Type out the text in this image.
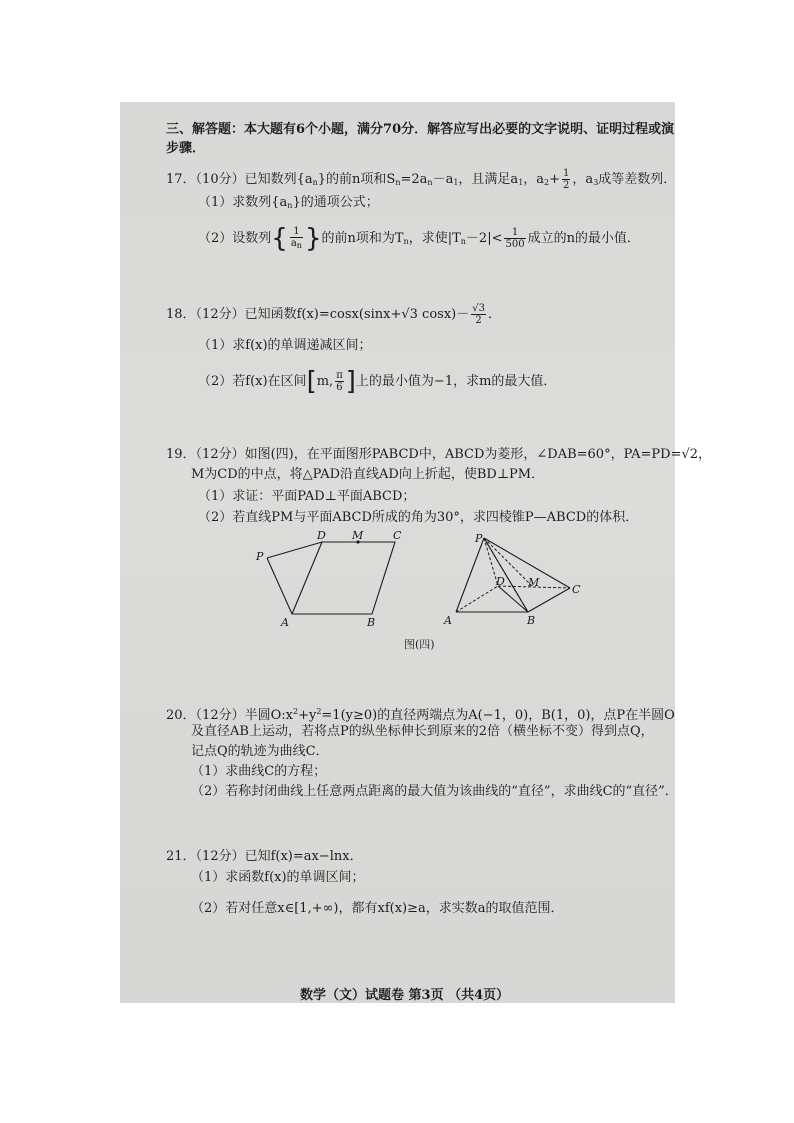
三、解答题：本大题有6个小题，满分70分．解答应写出必要的文字说明、证明过程或演
步骤．
17．（10分）已知数列{an}的前n项和Sn=2an－a1，且满足a1，$a2+ \frac{1}{2}$ ，a3成等差数列．
（1）求数列{an}的通项公式；
（2）设数列{ $\frac{1}{a_n}$ }的前n项和为Tn，求使$|Tn-2|< \frac{1}{500}$ 成立的n的最小值．
18．（12分）已知函数f(x)=cosx(sinx+√3 $\cos x)- \frac{√3}{2}$ ．
（1）求f(x)的单调递减区间；
（2）若f(x)在区间[m, $\frac{\pi}{6}$ ]上的最小值为−1，求m的最大值．
19．（12分）如图(四)，在平面图形PABCD中，ABCD为菱形，∠DAB=60°，PA=PD=√2，
M为CD的中点，将△PAD沿直线AD向上折起，使BD⊥PM．
（1）求证：平面PAD⊥平面ABCD；
（2）若直线PM与平面ABCD所成的角为30°，求四棱锥P—ABCD的体积．
P
D M	C
A	B
P
D M
C
A	B
图(四)
20．（12分）半圆$O:x^2+y^2=1(y\ge 0)$的直径两端点为A(−1，0)，B(1，0)，点P在半圆O
及直径AB上运动，若将点P的纵坐标伸长到原来的2倍（横坐标不变）得到点Q，
记点Q的轨迹为曲线C．
（1）求曲线C的方程；
（2）若称封闭曲线上任意两点距离的最大值为该曲线的“直径”，求曲线C的“直径”．
21．（12分）已知f(x)=ax−lnx．
（1）求函数f(x)的单调区间；
（2）若对任意x∈[1,+∞)，都有xf(x)≥a，求实数a的取值范围．
数学（文）试题卷 第3页 （共4页）
